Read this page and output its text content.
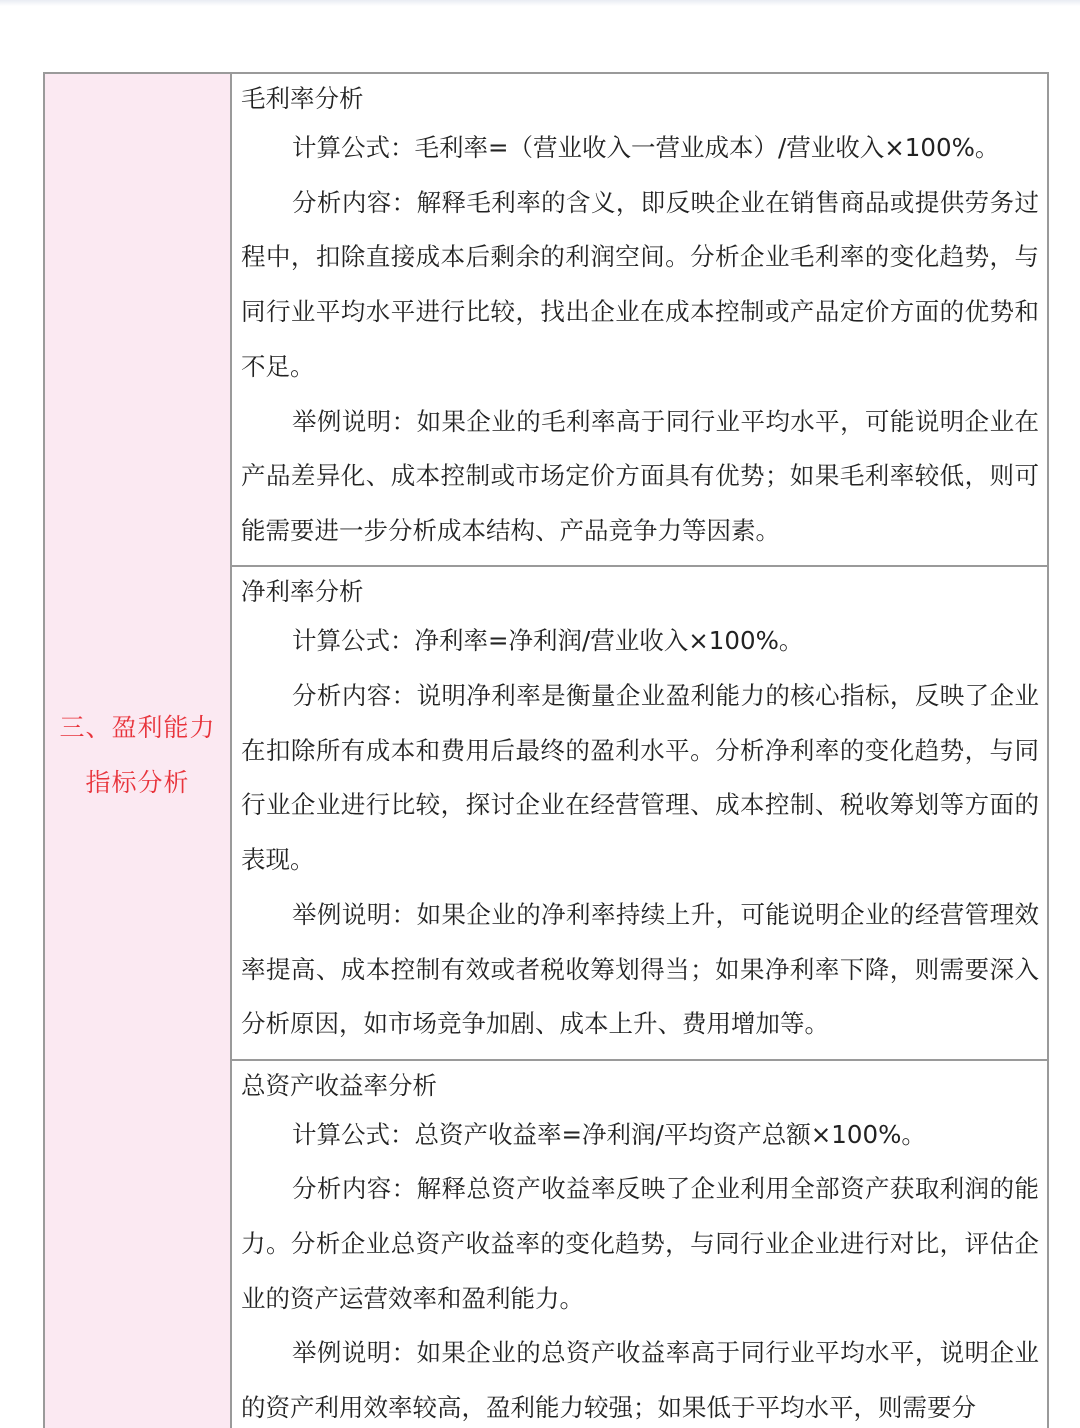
三、盈利能力
指标分析

毛利率分析

计算公式：毛利率=（营业收入一营业成本）/营业收入×100%。

分析内容：解释毛利率的含义，即反映企业在销售商品或提供劳务过程中，扣除直接成本后剩余的利润空间。分析企业毛利率的变化趋势，与同行业平均水平进行比较，找出企业在成本控制或产品定价方面的优势和不足。

举例说明：如果企业的毛利率高于同行业平均水平，可能说明企业在产品差异化、成本控制或市场定价方面具有优势；如果毛利率较低，则可能需要进一步分析成本结构、产品竞争力等因素。

净利率分析

计算公式：净利率=净利润/营业收入×100%。

分析内容：说明净利率是衡量企业盈利能力的核心指标，反映了企业在扣除所有成本和费用后最终的盈利水平。分析净利率的变化趋势，与同行业企业进行比较，探讨企业在经营管理、成本控制、税收筹划等方面的表现。

举例说明：如果企业的净利率持续上升，可能说明企业的经营管理效率提高、成本控制有效或者税收筹划得当；如果净利率下降，则需要深入分析原因，如市场竞争加剧、成本上升、费用增加等。

总资产收益率分析

计算公式：总资产收益率=净利润/平均资产总额×100%。

分析内容：解释总资产收益率反映了企业利用全部资产获取利润的能力。分析企业总资产收益率的变化趋势，与同行业企业进行对比，评估企业的资产运营效率和盈利能力。

举例说明：如果企业的总资产收益率高于同行业平均水平，说明企业的资产利用效率较高，盈利能力较强；如果低于平均水平，则需要分
